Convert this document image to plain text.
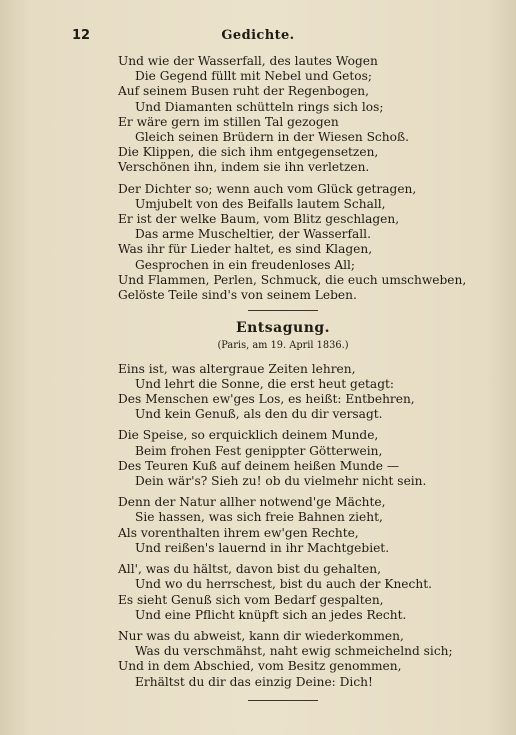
12	Gedichte.
Und wie der Wasserfall, des lautes Wogen
Die Gegend füllt mit Nebel und Getos;
Auf seinem Busen ruht der Regenbogen,
Und Diamanten schütteln rings sich los;
Er wäre gern im stillen Tal gezogen
Gleich seinen Brüdern in der Wiesen Schoß.
Die Klippen, die sich ihm entgegensetzen,
Verschönen ihn, indem sie ihn verletzen.
Der Dichter so; wenn auch vom Glück getragen,
Umjubelt von des Beifalls lautem Schall,
Er ist der welke Baum, vom Blitz geschlagen,
Das arme Muscheltier, der Wasserfall.
Was ihr für Lieder haltet, es sind Klagen,
Gesprochen in ein freudenloses All;
Und Flammen, Perlen, Schmuck, die euch umschweben,
Gelöste Teile sind's von seinem Leben.
Entsagung.
(Paris, am 19. April 1836.)
Eins ist, was altergraue Zeiten lehren,
Und lehrt die Sonne, die erst heut getagt:
Des Menschen ew'ges Los, es heißt: Entbehren,
Und kein Genuß, als den du dir versagt.
Die Speise, so erquicklich deinem Munde,
Beim frohen Fest genippter Götterwein,
Des Teuren Kuß auf deinem heißen Munde —
Dein wär's? Sieh zu! ob du vielmehr nicht sein.
Denn der Natur allher notwend'ge Mächte,
Sie hassen, was sich freie Bahnen zieht,
Als vorenthalten ihrem ew'gen Rechte,
Und reißen's lauernd in ihr Machtgebiet.
All', was du hältst, davon bist du gehalten,
Und wo du herrschest, bist du auch der Knecht.
Es sieht Genuß sich vom Bedarf gespalten,
Und eine Pflicht knüpft sich an jedes Recht.
Nur was du abweist, kann dir wiederkommen,
Was du verschmähst, naht ewig schmeichelnd sich;
Und in dem Abschied, vom Besitz genommen,
Erhältst du dir das einzig Deine: Dich!
